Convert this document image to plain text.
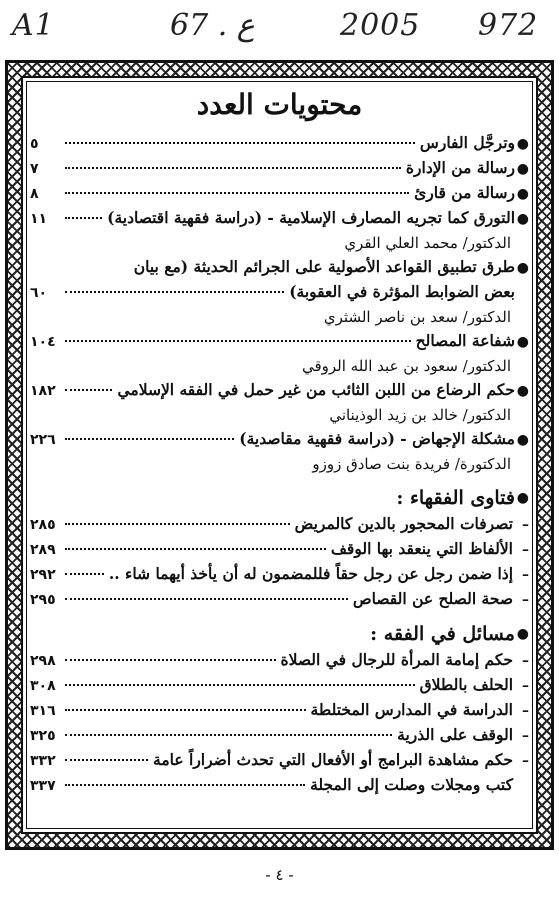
A1	67 . ع	2005 972
محتويات العدد
●
وترجَّل الفارس
٥
●
رسالة من الإدارة
٧
●
رسالة من قارئ
٨
●
التورق كما تجريه المصارف الإسلامية - (دراسة فقهية اقتصادية)
١١
الدكتور/ محمد العلي القري
●
طرق تطبيق القواعد الأصولية على الجرائم الحديثة (مع بيان
بعض الضوابط المؤثرة في العقوبة)
٦٠
الدكتور/ سعد بن ناصر الشثري
●
شفاعة المصالح
١٠٤
الدكتور/ سعود بن عبد الله الروقي
●
حكم الرضاع من اللبن الثائب من غير حمل في الفقه الإسلامي
١٨٢
الدكتور/ خالد بن زيد الوذيناني
●
مشكلة الإجهاض - (دراسة فقهية مقاصدية)
٢٢٦
الدكتورة/ فريدة بنت صادق زوزو
●
فتاوى الفقهاء :
–
تصرفات المحجور بالدين كالمريض
٢٨٥
–
الألفاظ التي ينعقد بها الوقف
٢٨٩
–
إذا ضمن رجل عن رجل حقاً فللمضمون له أن يأخذ أيهما شاء ..
٢٩٢
–
صحة الصلح عن القصاص
٢٩٥
●
مسائل في الفقه :
–
حكم إمامة المرأة للرجال في الصلاة
٢٩٨
–
الحلف بالطلاق
٣٠٨
–
الدراسة في المدارس المختلطة
٣١٦
–
الوقف على الذرية
٣٢٥
–
حكم مشاهدة البرامج أو الأفعال التي تحدث أضراراً عامة
٣٣٢
كتب ومجلات وصلت إلى المجلة
٣٣٧
- ٤ -
